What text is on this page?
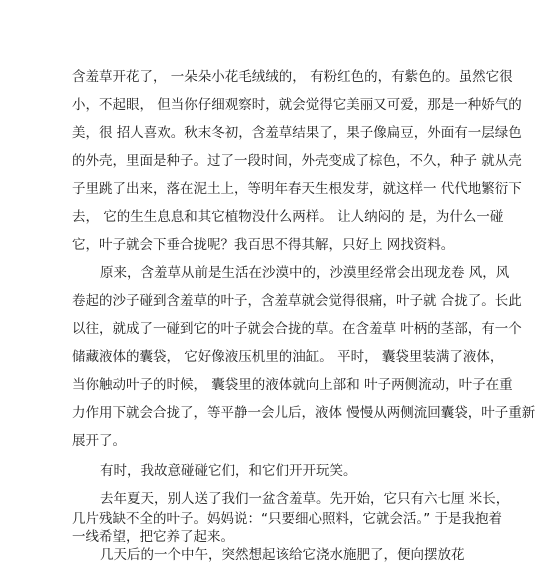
含羞草开花了， 一朵朵小花毛绒绒的， 有粉红色的，有紫色的。虽然它很
小，不起眼， 但当你仔细观察时，就会觉得它美丽又可爱，那是一种娇气的
美，很 招人喜欢。秋末冬初，含羞草结果了，果子像扁豆，外面有一层绿色
的外壳，里面是种子。过了一段时间，外壳变成了棕色，不久，种子 就从壳
子里跳了出来，落在泥土上，等明年春天生根发芽，就这样一 代代地繁衍下
去， 它的生生息息和其它植物没什么两样。 让人纳闷的 是，为什么一碰
它，叶子就会下垂合拢呢？我百思不得其解，只好上 网找资料。
原来，含羞草从前是生活在沙漠中的，沙漠里经常会出现龙卷 风，风
卷起的沙子碰到含羞草的叶子，含羞草就会觉得很痛，叶子就 合拢了。长此
以往，就成了一碰到它的叶子就会合拢的草。在含羞草 叶柄的茎部，有一个
储藏液体的囊袋， 它好像液压机里的油缸。 平时， 囊袋里装满了液体，
当你触动叶子的时候， 囊袋里的液体就向上部和 叶子两侧流动，叶子在重
力作用下就会合拢了，等平静一会儿后，液体 慢慢从两侧流回囊袋，叶子重新
展开了。
有时，我故意碰碰它们，和它们开开玩笑。
去年夏天，别人送了我们一盆含羞草。先开始，它只有六七厘 米长，
几片残缺不全的叶子。妈妈说：“只要细心照料，它就会活。” 于是我抱着
一线希望，把它养了起来。
几天后的一个中午，突然想起该给它浇水施肥了，便向摆放花
